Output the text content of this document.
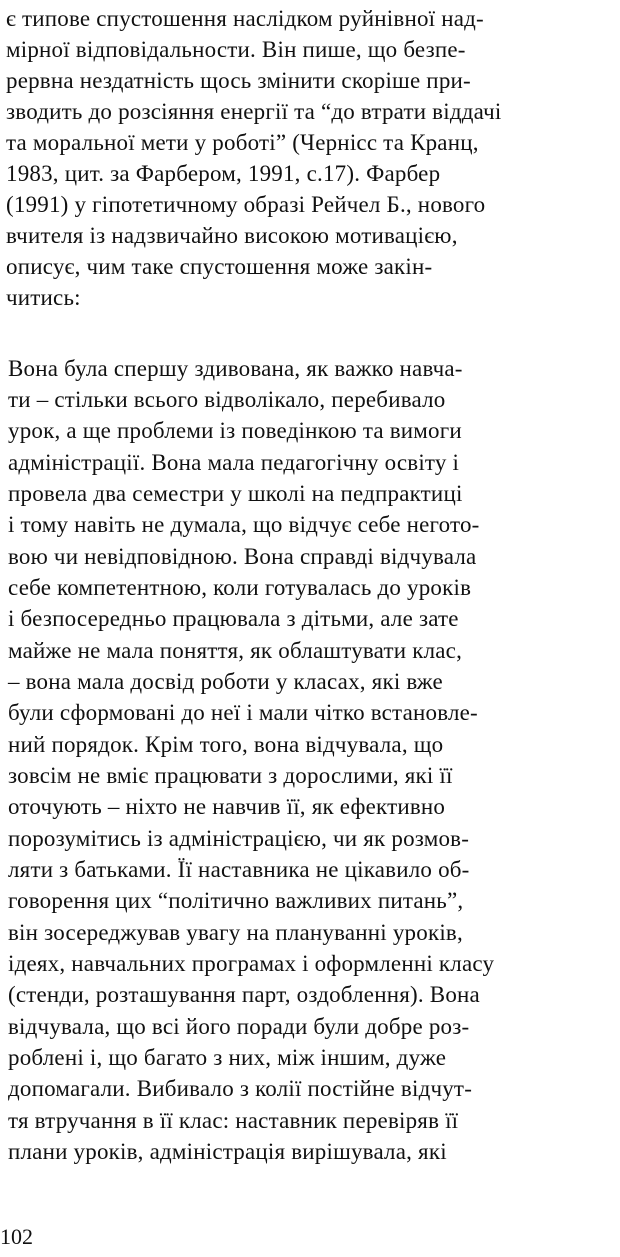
є типове спустошення наслідком руйнівної над-
мірної відповідальности. Він пише, що безпе-
рервна нездатність щось змінити скоріше при-
зводить до розсіяння енергії та “до втрати віддачі
та моральної мети у роботі” (Черніcс та Кранц,
1983, цит. за Фарбером, 1991, с.17). Фарбер
(1991) у гіпотетичному образі Рейчел Б., нового
вчителя із надзвичайно високою мотивацією,
описує, чим таке спустошення може закін-
читись:
Вона була спершу здивована, як важко навча-
ти – стільки всього відволікало, перебивало
урок, а ще проблеми із поведінкою та вимоги
адміністрації. Вона мала педагогічну освіту і
провела два семестри у школі на педпрактиці
і тому навіть не думала, що відчує себе негото-
вою чи невідповідною. Вона справді відчувала
себе компетентною, коли готувалась до уроків
і безпосередньо працювала з дітьми, але зате
майже не мала поняття, як облаштувати клас,
– вона мала досвід роботи у класах, які вже
були сформовані до неї і мали чітко встановле-
ний порядок. Крім того, вона відчувала, що
зовсім не вміє працювати з дорослими, які її
оточують – ніхто не навчив її, як ефективно
порозумітись із адміністрацією, чи як розмов-
ляти з батьками. Її наставника не цікавило об-
говорення цих “політично важливих питань”,
він зосереджував увагу на плануванні уроків,
ідеях, навчальних програмах і оформленні класу
(стенди, розташування парт, оздоблення). Вона
відчувала, що всі його поради були добре роз-
роблені і, що багато з них, між іншим, дуже
допомагали. Вибивало з колії постійне відчут-
тя втручання в її клас: наставник перевіряв її
плани уроків, адміністрація вирішувала, які
102
